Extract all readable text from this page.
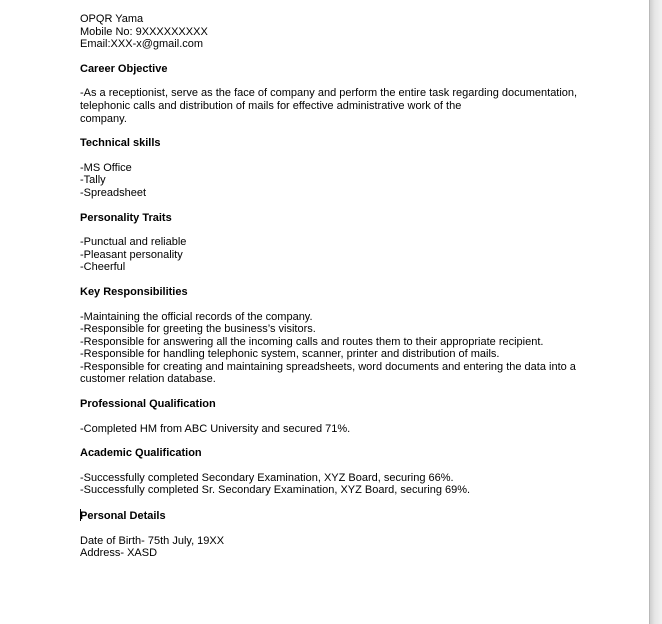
OPQR Yama
Mobile No: 9XXXXXXXXX
Email:XXX-x@gmail.com
Career Objective
-As a receptionist, serve as the face of company and perform the entire task regarding documentation,
telephonic calls and distribution of mails for effective administrative work of the
company.
Technical skills
-MS Office
-Tally
-Spreadsheet
Personality Traits
-Punctual and reliable
-Pleasant personality
-Cheerful
Key Responsibilities
-Maintaining the official records of the company.
-Responsible for greeting the business’s visitors.
-Responsible for answering all the incoming calls and routes them to their appropriate recipient.
-Responsible for handling telephonic system, scanner, printer and distribution of mails.
-Responsible for creating and maintaining spreadsheets, word documents and entering the data into a
customer relation database.
Professional Qualification
-Completed HM from ABC University and secured 71%.
Academic Qualification
-Successfully completed Secondary Examination, XYZ Board, securing 66%.
-Successfully completed Sr. Secondary Examination, XYZ Board, securing 69%.
Personal Details
Date of Birth- 75th July, 19XX
Address- XASD
